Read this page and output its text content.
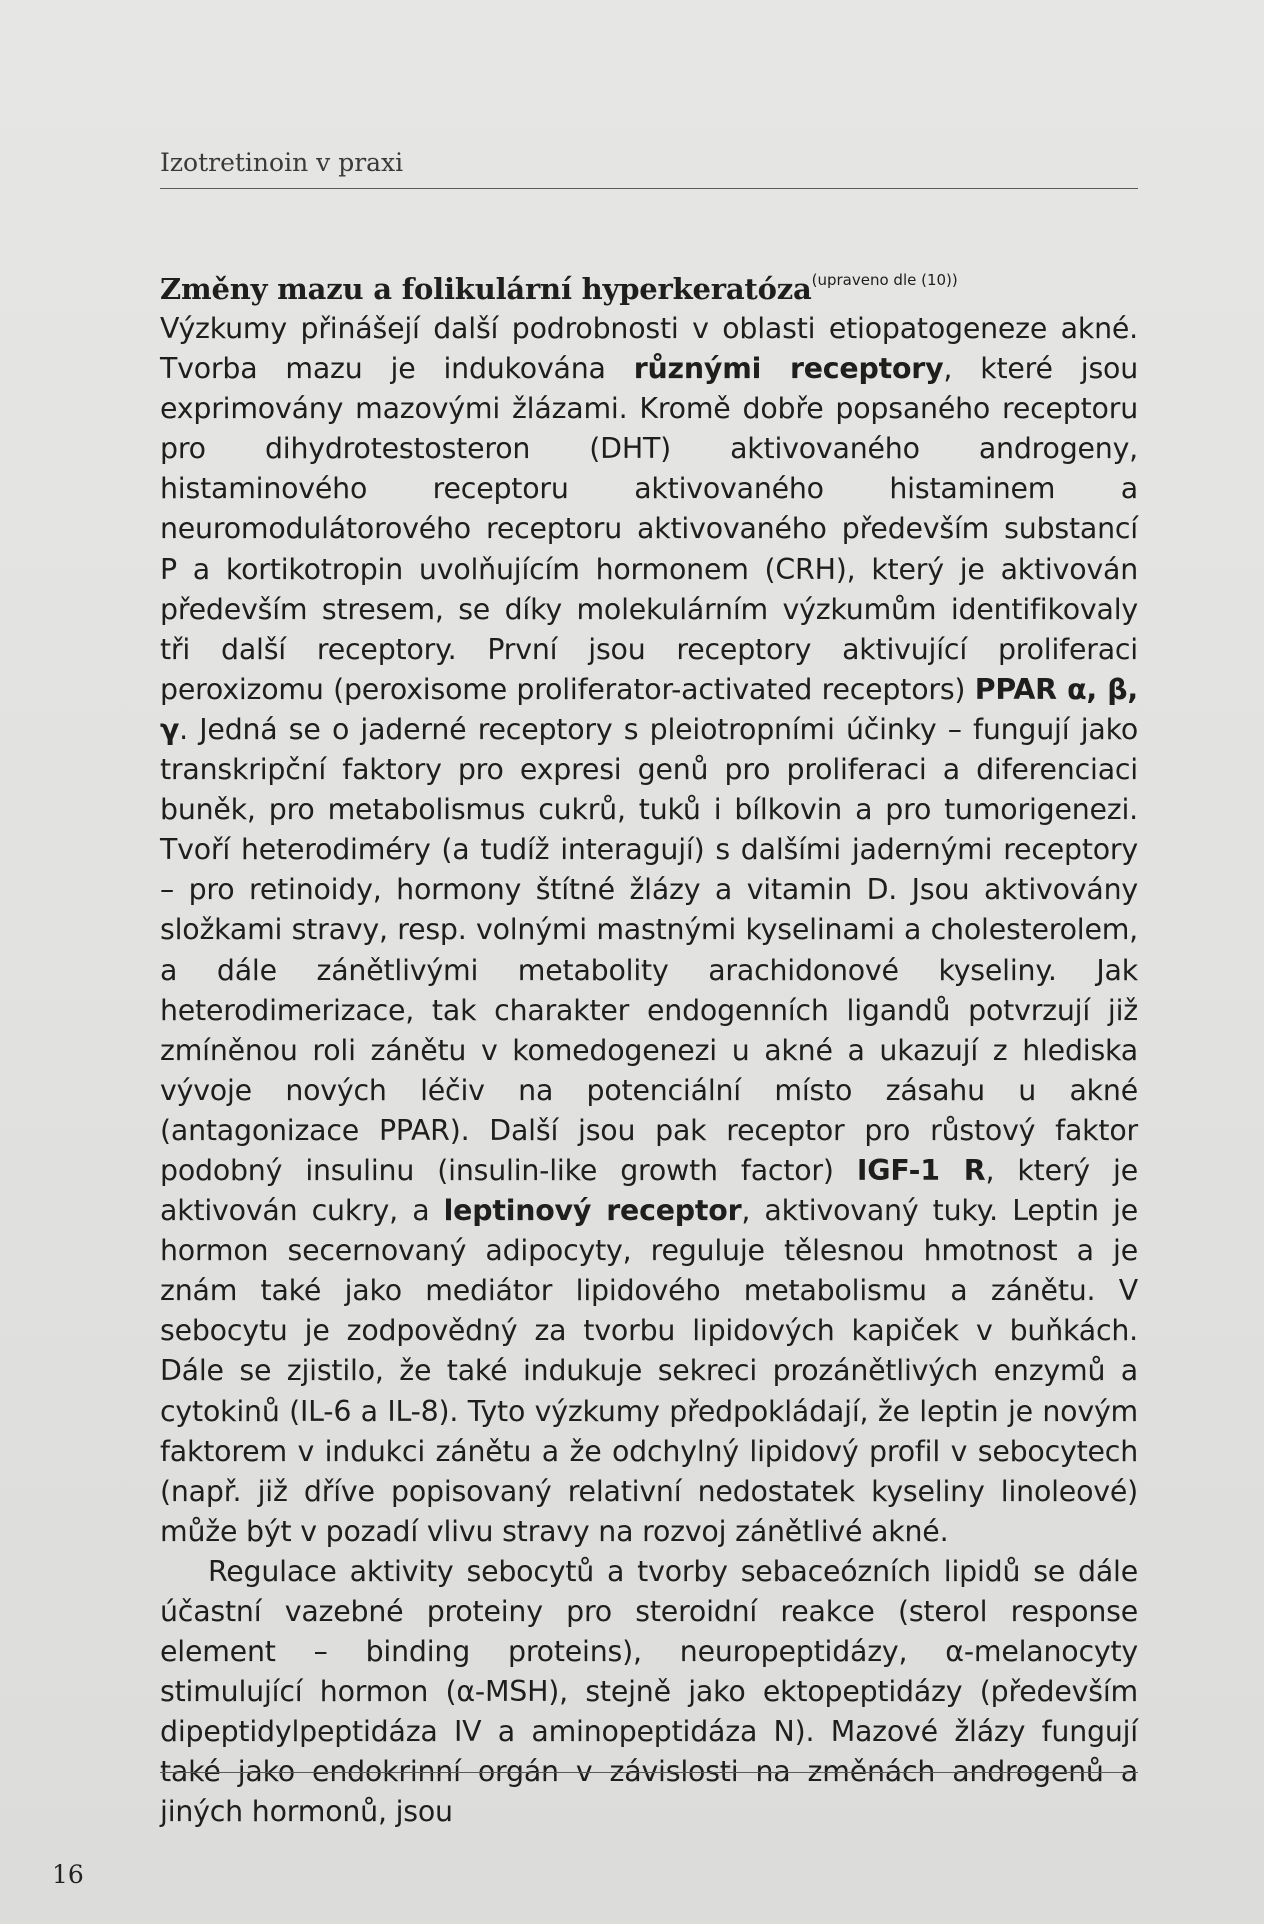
Izotretinoin v praxi
Změny mazu a folikulární hyperkeratóza$^{(upraveno dle (10))}$

Výzkumy přinášejí další podrobnosti v oblasti etiopatogeneze akné. Tvorba mazu je indukována různými receptory, které jsou exprimovány mazovými žlázami. Kromě dobře popsaného receptoru pro dihydrotestosteron (DHT) aktivovaného androgeny, histaminového receptoru aktivovaného histaminem a neuromodulátorového receptoru aktivovaného především substancí P a kortikotropin uvolňujícím hormonem (CRH), který je aktivován především stresem, se díky molekulárním výzkumům identifikovaly tři další receptory. První jsou receptory aktivující proliferaci peroxizomu (peroxisome proliferator-activated receptors) PPAR α, β, γ. Jedná se o jaderné receptory s pleiotropními účinky – fungují jako transkripční faktory pro expresi genů pro proliferaci a diferenciaci buněk, pro metabolismus cukrů, tuků i bílkovin a pro tumorigenezi. Tvoří heterodiméry (a tudíž interagují) s dalšími jadernými receptory – pro retinoidy, hormony štítné žlázy a vitamin D. Jsou aktivovány složkami stravy, resp. volnými mastnými kyselinami a cholesterolem, a dále zánětlivými metabolity arachidonové kyseliny. Jak heterodimerizace, tak charakter endogenních ligandů potvrzují již zmíněnou roli zánětu v komedogenezi u akné a ukazují z hlediska vývoje nových léčiv na potenciální místo zásahu u akné (antagonizace PPAR). Další jsou pak receptor pro růstový faktor podobný insulinu (insulin-like growth factor) IGF-1 R, který je aktivován cukry, a leptinový receptor, aktivovaný tuky. Leptin je hormon secernovaný adipocyty, reguluje tělesnou hmotnost a je znám také jako mediátor lipidového metabolismu a zánětu. V sebocytu je zodpovědný za tvorbu lipidových kapiček v buňkách. Dále se zjistilo, že také indukuje sekreci prozánětlivých enzymů a cytokinů (IL-6 a IL-8). Tyto výzkumy předpokládají, že leptin je novým faktorem v indukci zánětu a že odchylný lipidový profil v sebocytech (např. již dříve popisovaný relativní nedostatek kyseliny linoleové) může být v pozadí vlivu stravy na rozvoj zánětlivé akné.

Regulace aktivity sebocytů a tvorby sebaceózních lipidů se dále účastní vazebné proteiny pro steroidní reakce (sterol response element – binding proteins), neuropeptidázy, α-melanocyty stimulující hormon (α-MSH), stejně jako ektopeptidázy (především dipeptidylpeptidáza IV a aminopeptidáza N). Mazové žlázy fungují také jako endokrinní orgán v závislosti na změnách androgenů a jiných hormonů, jsou

16
